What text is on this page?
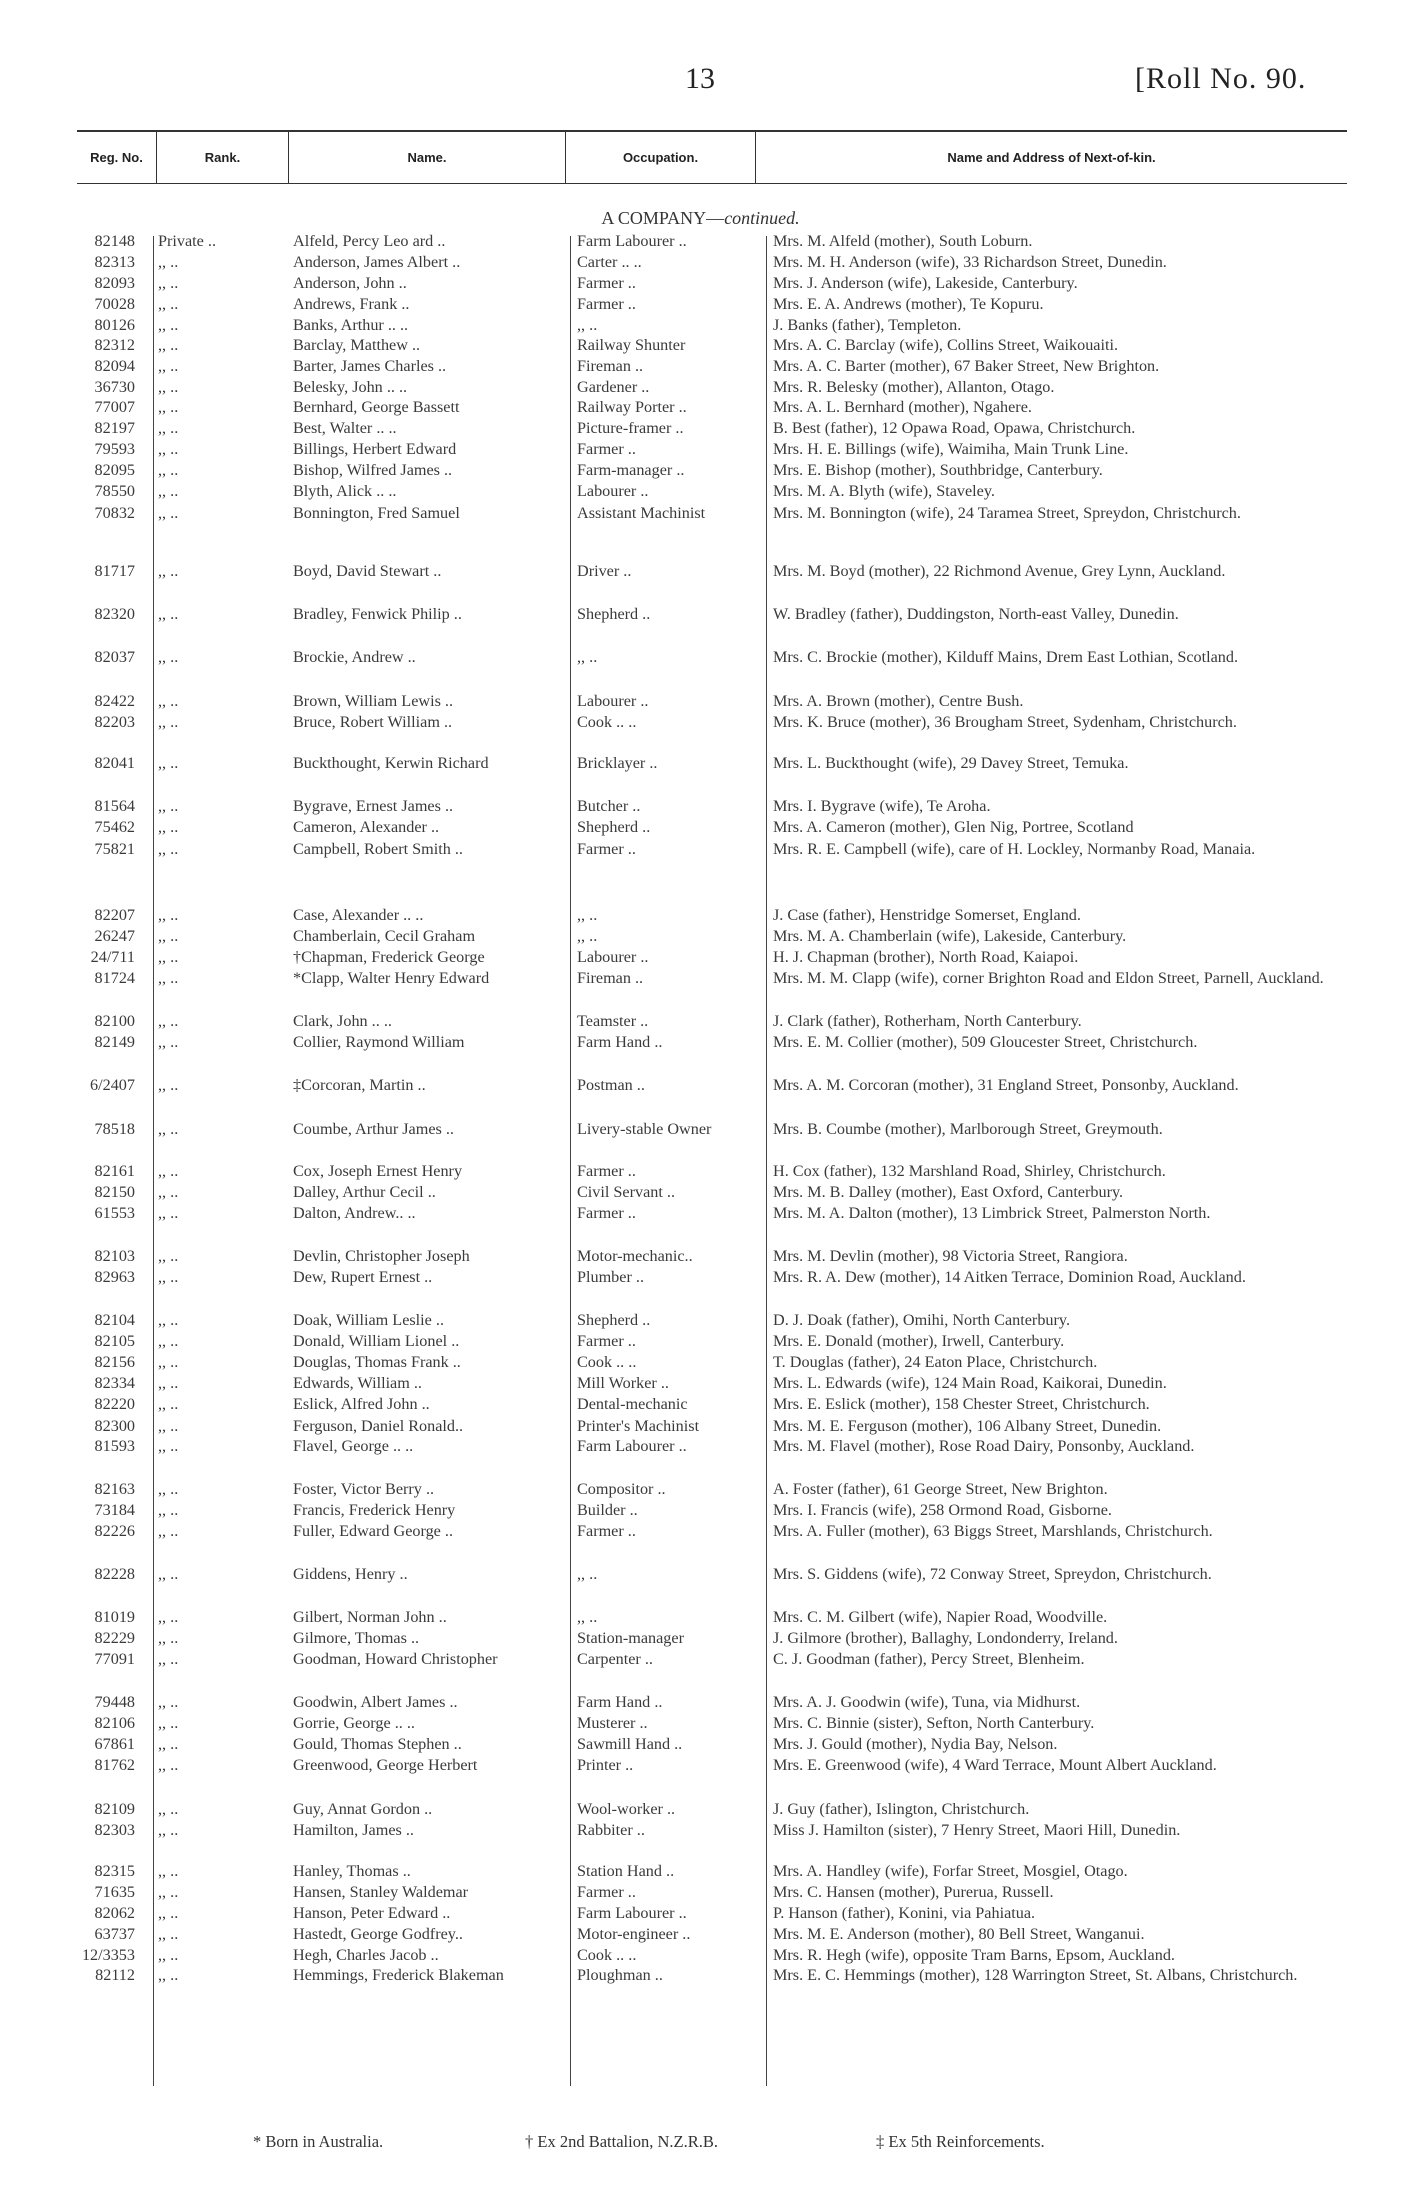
13	[Roll No. 90.
Reg. No.	Rank.	Name.	Occupation.	Name and Address of Next-of-kin.
A COMPANY—continued.
82148 Private ..	Alfeld, Percy Leo ard ..	Farm Labourer ..	Mrs. M. Alfeld (mother), South Loburn.
82313 ,, ..	Anderson, James Albert ..	Carter .. ..	Mrs. M. H. Anderson (wife), 33 Richardson Street, Dunedin.
82093 ,, ..	Anderson, John ..	Farmer ..	Mrs. J. Anderson (wife), Lakeside, Canterbury.
70028 ,, ..	Andrews, Frank ..	Farmer ..	Mrs. E. A. Andrews (mother), Te Kopuru.
80126 ,, ..	Banks, Arthur .. ..	,, ..	J. Banks (father), Templeton.
82312 ,, ..	Barclay, Matthew ..	Railway Shunter	Mrs. A. C. Barclay (wife), Collins Street, Waikouaiti.
82094 ,, ..	Barter, James Charles ..	Fireman ..	Mrs. A. C. Barter (mother), 67 Baker Street, New Brighton.
36730 ,, ..	Belesky, John .. ..	Gardener ..	Mrs. R. Belesky (mother), Allanton, Otago.
77007 ,, ..	Bernhard, George Bassett	Railway Porter ..	Mrs. A. L. Bernhard (mother), Ngahere.
82197 ,, ..	Best, Walter .. ..	Picture-framer ..	B. Best (father), 12 Opawa Road, Opawa, Christchurch.
79593 ,, ..	Billings, Herbert Edward	Farmer ..	Mrs. H. E. Billings (wife), Waimiha, Main Trunk Line.
82095 ,, ..	Bishop, Wilfred James ..	Farm-manager ..	Mrs. E. Bishop (mother), Southbridge, Canterbury.
78550 ,, ..	Blyth, Alick .. ..	Labourer ..	Mrs. M. A. Blyth (wife), Staveley.
70832 ,, ..	Bonnington, Fred Samuel	Assistant Machinist	Mrs. M. Bonnington (wife), 24 Taramea Street, Spreydon, Christchurch.
81717 ,, ..	Boyd, David Stewart ..	Driver ..	Mrs. M. Boyd (mother), 22 Richmond Avenue, Grey Lynn, Auckland.
82320 ,, ..	Bradley, Fenwick Philip ..	Shepherd ..	W. Bradley (father), Duddingston, North-east Valley, Dunedin.
82037 ,, ..	Brockie, Andrew ..	,, ..	Mrs. C. Brockie (mother), Kilduff Mains, Drem East Lothian, Scotland.
82422 ,, ..	Brown, William Lewis ..	Labourer ..	Mrs. A. Brown (mother), Centre Bush.
82203 ,, ..	Bruce, Robert William ..	Cook .. ..	Mrs. K. Bruce (mother), 36 Brougham Street, Sydenham, Christchurch.
82041 ,, ..	Buckthought, Kerwin Richard	Bricklayer ..	Mrs. L. Buckthought (wife), 29 Davey Street, Temuka.
81564 ,, ..	Bygrave, Ernest James ..	Butcher ..	Mrs. I. Bygrave (wife), Te Aroha.
75462 ,, ..	Cameron, Alexander ..	Shepherd ..	Mrs. A. Cameron (mother), Glen Nig, Portree, Scotland
75821 ,, ..	Campbell, Robert Smith ..	Farmer ..	Mrs. R. E. Campbell (wife), care of H. Lockley, Normanby Road, Manaia.
82207 ,, ..	Case, Alexander .. ..	,, ..	J. Case (father), Henstridge Somerset, England.
26247 ,, ..	Chamberlain, Cecil Graham	,, ..	Mrs. M. A. Chamberlain (wife), Lakeside, Canterbury.
24/711 ,, ..	†Chapman, Frederick George	Labourer ..	H. J. Chapman (brother), North Road, Kaiapoi.
81724 ,, ..	*Clapp, Walter Henry Edward	Fireman ..	Mrs. M. M. Clapp (wife), corner Brighton Road and Eldon Street, Parnell, Auckland.
82100 ,, ..	Clark, John .. ..	Teamster ..	J. Clark (father), Rotherham, North Canterbury.
82149 ,, ..	Collier, Raymond William	Farm Hand ..	Mrs. E. M. Collier (mother), 509 Gloucester Street, Christchurch.
6/2407 ,, ..	‡Corcoran, Martin ..	Postman ..	Mrs. A. M. Corcoran (mother), 31 England Street, Ponsonby, Auckland.
78518 ,, ..	Coumbe, Arthur James ..	Livery-stable Owner	Mrs. B. Coumbe (mother), Marlborough Street, Greymouth.
82161 ,, ..	Cox, Joseph Ernest Henry	Farmer ..	H. Cox (father), 132 Marshland Road, Shirley, Christchurch.
82150 ,, ..	Dalley, Arthur Cecil ..	Civil Servant ..	Mrs. M. B. Dalley (mother), East Oxford, Canterbury.
61553 ,, ..	Dalton, Andrew.. ..	Farmer ..	Mrs. M. A. Dalton (mother), 13 Limbrick Street, Palmerston North.
82103 ,, ..	Devlin, Christopher Joseph	Motor-mechanic..	Mrs. M. Devlin (mother), 98 Victoria Street, Rangiora.
82963 ,, ..	Dew, Rupert Ernest ..	Plumber ..	Mrs. R. A. Dew (mother), 14 Aitken Terrace, Dominion Road, Auckland.
82104 ,, ..	Doak, William Leslie ..	Shepherd ..	D. J. Doak (father), Omihi, North Canterbury.
82105 ,, ..	Donald, William Lionel ..	Farmer ..	Mrs. E. Donald (mother), Irwell, Canterbury.
82156 ,, ..	Douglas, Thomas Frank ..	Cook .. ..	T. Douglas (father), 24 Eaton Place, Christchurch.
82334 ,, ..	Edwards, William ..	Mill Worker ..	Mrs. L. Edwards (wife), 124 Main Road, Kaikorai, Dunedin.
82220 ,, ..	Eslick, Alfred John ..	Dental-mechanic	Mrs. E. Eslick (mother), 158 Chester Street, Christchurch.
82300 ,, ..	Ferguson, Daniel Ronald..	Printer's Machinist	Mrs. M. E. Ferguson (mother), 106 Albany Street, Dunedin.
81593 ,, ..	Flavel, George .. ..	Farm Labourer ..	Mrs. M. Flavel (mother), Rose Road Dairy, Ponsonby, Auckland.
82163 ,, ..	Foster, Victor Berry ..	Compositor ..	A. Foster (father), 61 George Street, New Brighton.
73184 ,, ..	Francis, Frederick Henry	Builder ..	Mrs. I. Francis (wife), 258 Ormond Road, Gisborne.
82226 ,, ..	Fuller, Edward George ..	Farmer ..	Mrs. A. Fuller (mother), 63 Biggs Street, Marshlands, Christchurch.
82228 ,, ..	Giddens, Henry ..	,, ..	Mrs. S. Giddens (wife), 72 Conway Street, Spreydon, Christchurch.
81019 ,, ..	Gilbert, Norman John ..	,, ..	Mrs. C. M. Gilbert (wife), Napier Road, Woodville.
82229 ,, ..	Gilmore, Thomas ..	Station-manager	J. Gilmore (brother), Ballaghy, Londonderry, Ireland.
77091 ,, ..	Goodman, Howard Christopher	Carpenter ..	C. J. Goodman (father), Percy Street, Blenheim.
79448 ,, ..	Goodwin, Albert James ..	Farm Hand ..	Mrs. A. J. Goodwin (wife), Tuna, via Midhurst.
82106 ,, ..	Gorrie, George .. ..	Musterer ..	Mrs. C. Binnie (sister), Sefton, North Canterbury.
67861 ,, ..	Gould, Thomas Stephen ..	Sawmill Hand ..	Mrs. J. Gould (mother), Nydia Bay, Nelson.
81762 ,, ..	Greenwood, George Herbert	Printer ..	Mrs. E. Greenwood (wife), 4 Ward Terrace, Mount Albert Auckland.
82109 ,, ..	Guy, Annat Gordon ..	Wool-worker ..	J. Guy (father), Islington, Christchurch.
82303 ,, ..	Hamilton, James ..	Rabbiter ..	Miss J. Hamilton (sister), 7 Henry Street, Maori Hill, Dunedin.
82315 ,, ..	Hanley, Thomas ..	Station Hand ..	Mrs. A. Handley (wife), Forfar Street, Mosgiel, Otago.
71635 ,, ..	Hansen, Stanley Waldemar	Farmer ..	Mrs. C. Hansen (mother), Purerua, Russell.
82062 ,, ..	Hanson, Peter Edward ..	Farm Labourer ..	P. Hanson (father), Konini, via Pahiatua.
63737 ,, ..	Hastedt, George Godfrey..	Motor-engineer ..	Mrs. M. E. Anderson (mother), 80 Bell Street, Wanganui.
12/3353 ,, ..	Hegh, Charles Jacob ..	Cook .. ..	Mrs. R. Hegh (wife), opposite Tram Barns, Epsom, Auckland.
82112 ,, ..	Hemmings, Frederick Blakeman	Ploughman ..	Mrs. E. C. Hemmings (mother), 128 Warrington Street, St. Albans, Christchurch.
* Born in Australia.	† Ex 2nd Battalion, N.Z.R.B.	‡ Ex 5th Reinforcements.
